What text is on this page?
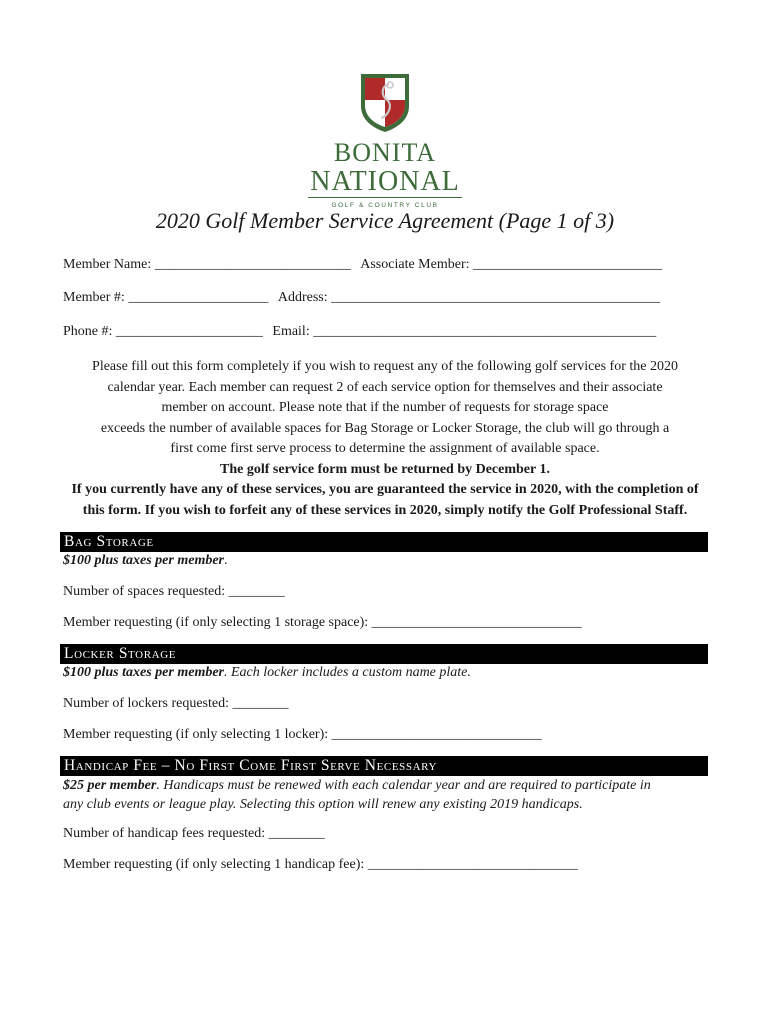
BONITA
NATIONAL
GOLF & COUNTRY CLUB
2020 Golf Member Service Agreement (Page 1 of 3)
Member Name: ____________________________ Associate Member: ___________________________
Member #: ____________________ Address: _______________________________________________
Phone #: _____________________ Email: _________________________________________________

Please fill out this form completely if you wish to request any of the following golf services for the 2020

calendar year. Each member can request 2 of each service option for themselves and their associate

member on account. Please note that if the number of requests for storage space

exceeds the number of available spaces for Bag Storage or Locker Storage, the club will go through a

first come first serve process to determine the assignment of available space.

The golf service form must be returned by December 1.

If you currently have any of these services, you are guaranteed the service in 2020, with the completion of

this form. If you wish to forfeit any of these services in 2020, simply notify the Golf Professional Staff.

Bag Storage
$100 plus taxes per member.
Number of spaces requested: ________
Member requesting (if only selecting 1 storage space): ______________________________
Locker Storage
$100 plus taxes per member. Each locker includes a custom name plate.
Number of lockers requested: ________
Member requesting (if only selecting 1 locker): ______________________________
Handicap Fee – No First Come First Serve Necessary
$25 per member. Handicaps must be renewed with each calendar year and are required to participate in
any club events or league play. Selecting this option will renew any existing 2019 handicaps.
Number of handicap fees requested: ________
Member requesting (if only selecting 1 handicap fee): ______________________________
